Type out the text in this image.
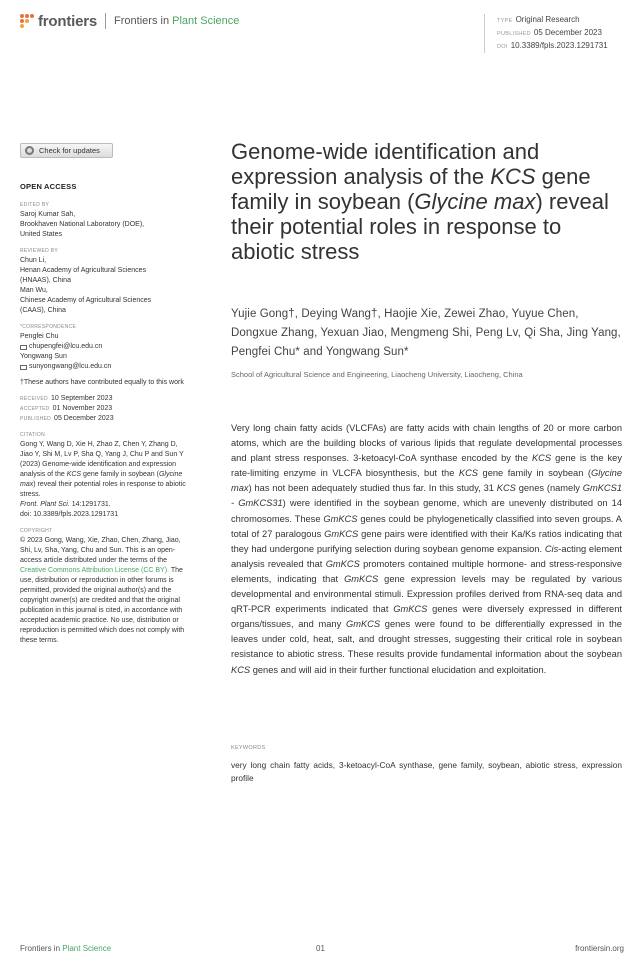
frontiers Frontiers in Plant Science	TYPE Original Research
PUBLISHED 05 December 2023
DOI 10.3389/fpls.2023.1291731
Check for updates
OPEN ACCESS
EDITED BY
Saroj Kumar Sah,
Brookhaven National Laboratory (DOE),
United States
REVIEWED BY
Chun Li,
Henan Academy of Agricultural Sciences
(HNAAS), China
Man Wu,
Chinese Academy of Agricultural Sciences
(CAAS), China
*CORRESPONDENCE
Pengfei Chu
chupengfei@lcu.edu.cn
Yongwang Sun
sunyongwang@lcu.edu.cn
†These authors have contributed equally to this work
RECEIVED 10 September 2023
ACCEPTED 01 November 2023
PUBLISHED 05 December 2023
CITATION
Gong Y, Wang D, Xie H, Zhao Z, Chen Y, Zhang D, Jiao Y, Shi M, Lv P, Sha Q, Yang J, Chu P and Sun Y (2023) Genome-wide identification and expression analysis of the KCS gene family in soybean (Glycine max) reveal their potential roles in response to abiotic stress.
Front. Plant Sci. 14:1291731.
doi: 10.3389/fpls.2023.1291731
COPYRIGHT
© 2023 Gong, Wang, Xie, Zhao, Chen, Zhang, Jiao, Shi, Lv, Sha, Yang, Chu and Sun. This is an open-access article distributed under the terms of the Creative Commons Attribution License (CC BY). The use, distribution or reproduction in other forums is permitted, provided the original author(s) and the copyright owner(s) are credited and that the original publication in this journal is cited, in accordance with accepted academic practice. No use, distribution or reproduction is permitted which does not comply with these terms.
Genome-wide identification and expression analysis of the KCS gene family in soybean (Glycine max) reveal their potential roles in response to abiotic stress
Yujie Gong†, Deying Wang†, Haojie Xie, Zewei Zhao, Yuyue Chen, Dongxue Zhang, Yexuan Jiao, Mengmeng Shi, Peng Lv, Qi Sha, Jing Yang, Pengfei Chu* and Yongwang Sun*
School of Agricultural Science and Engineering, Liaocheng University, Liaocheng, China

Very long chain fatty acids (VLCFAs) are fatty acids with chain lengths of 20 or more carbon atoms, which are the building blocks of various lipids that regulate developmental processes and plant stress responses. 3-ketoacyl-CoA synthase encoded by the KCS gene is the key rate-limiting enzyme in VLCFA biosynthesis, but the KCS gene family in soybean (Glycine max) has not been adequately studied thus far. In this study, 31 KCS genes (namely GmKCS1 - GmKCS31) were identified in the soybean genome, which are unevenly distributed on 14 chromosomes. These GmKCS genes could be phylogenetically classified into seven groups. A total of 27 paralogous GmKCS gene pairs were identified with their Ka/Ks ratios indicating that they had undergone purifying selection during soybean genome expansion. Cis-acting element analysis revealed that GmKCS promoters contained multiple hormone- and stress-responsive elements, indicating that GmKCS gene expression levels may be regulated by various developmental and environmental stimuli. Expression profiles derived from RNA-seq data and qRT-PCR experiments indicated that GmKCS genes were diversely expressed in different organs/tissues, and many GmKCS genes were found to be differentially expressed in the leaves under cold, heat, salt, and drought stresses, suggesting their critical role in soybean resistance to abiotic stress. These results provide fundamental information about the soybean KCS genes and will aid in their further functional elucidation and exploitation.

KEYWORDS
very long chain fatty acids, 3-ketoacyl-CoA synthase, gene family, soybean, abiotic stress, expression profile
Frontiers in Plant Science	01	frontiersin.org
